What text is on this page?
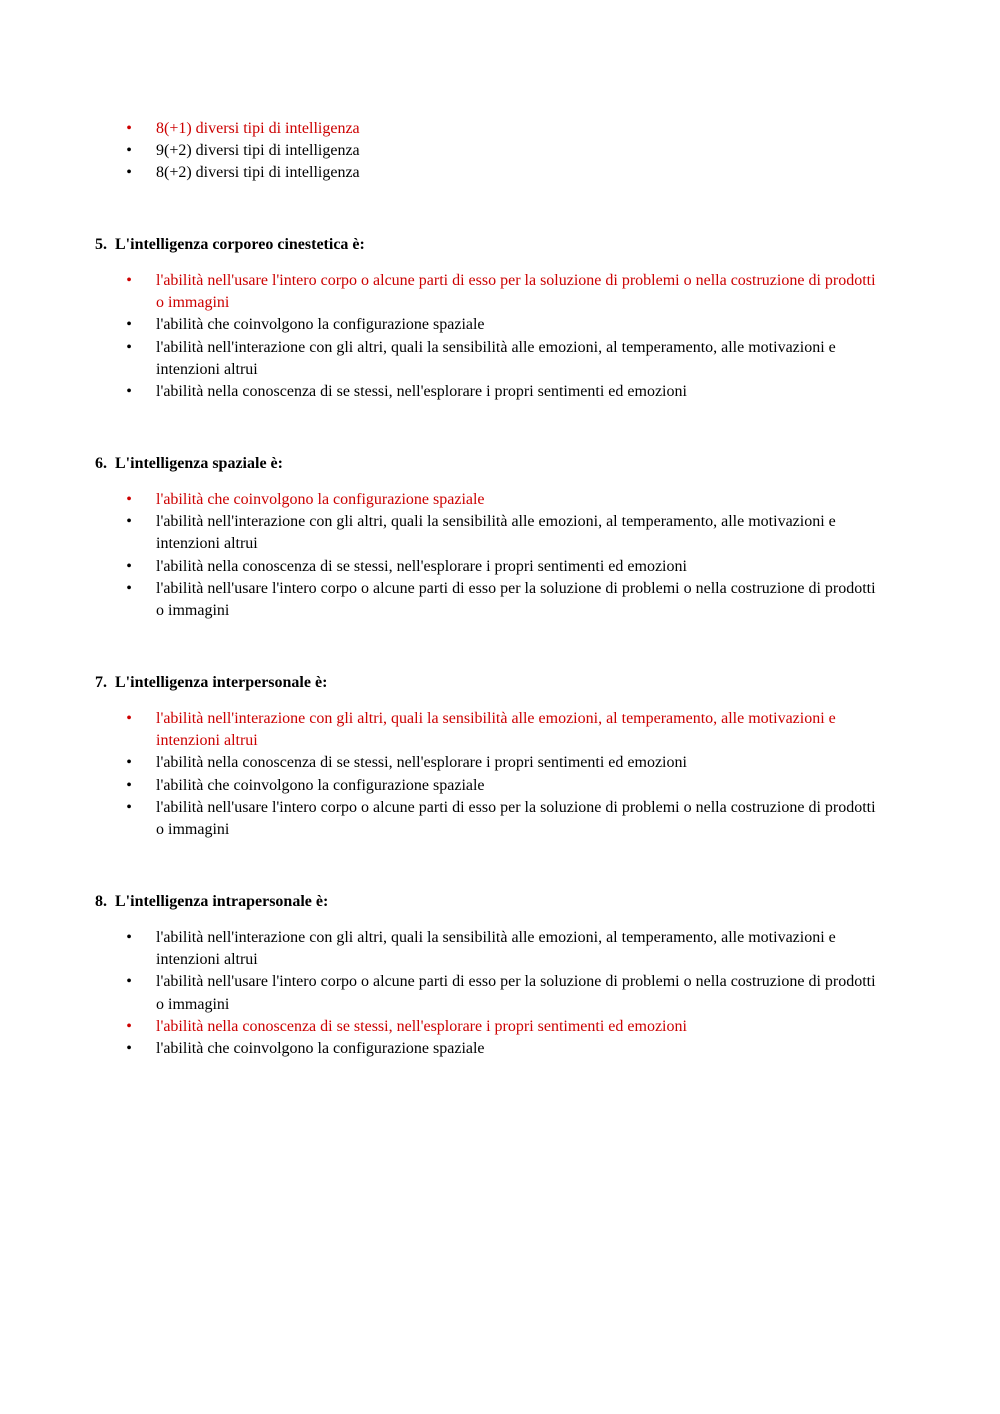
• 8(+1) diversi tipi di intelligenza
• 9(+2) diversi tipi di intelligenza
• 8(+2) diversi tipi di intelligenza
5. L'intelligenza corporeo cinestetica è:
• l'abilità nell'usare l'intero corpo o alcune parti di esso per la soluzione di problemi o nella costruzione di prodotti o immagini
• l'abilità che coinvolgono la configurazione spaziale
• l'abilità nell'interazione con gli altri, quali la sensibilità alle emozioni, al temperamento, alle motivazioni e intenzioni altrui
• l'abilità nella conoscenza di se stessi, nell'esplorare i propri sentimenti ed emozioni
6. L'intelligenza spaziale è:
• l'abilità che coinvolgono la configurazione spaziale
• l'abilità nell'interazione con gli altri, quali la sensibilità alle emozioni, al temperamento, alle motivazioni e intenzioni altrui
• l'abilità nella conoscenza di se stessi, nell'esplorare i propri sentimenti ed emozioni
• l'abilità nell'usare l'intero corpo o alcune parti di esso per la soluzione di problemi o nella costruzione di prodotti o immagini
7. L'intelligenza interpersonale è:
• l'abilità nell'interazione con gli altri, quali la sensibilità alle emozioni, al temperamento, alle motivazioni e intenzioni altrui
• l'abilità nella conoscenza di se stessi, nell'esplorare i propri sentimenti ed emozioni
• l'abilità che coinvolgono la configurazione spaziale
• l'abilità nell'usare l'intero corpo o alcune parti di esso per la soluzione di problemi o nella costruzione di prodotti o immagini
8. L'intelligenza intrapersonale è:
• l'abilità nell'interazione con gli altri, quali la sensibilità alle emozioni, al temperamento, alle motivazioni e intenzioni altrui
• l'abilità nell'usare l'intero corpo o alcune parti di esso per la soluzione di problemi o nella costruzione di prodotti o immagini
• l'abilità nella conoscenza di se stessi, nell'esplorare i propri sentimenti ed emozioni
• l'abilità che coinvolgono la configurazione spaziale
